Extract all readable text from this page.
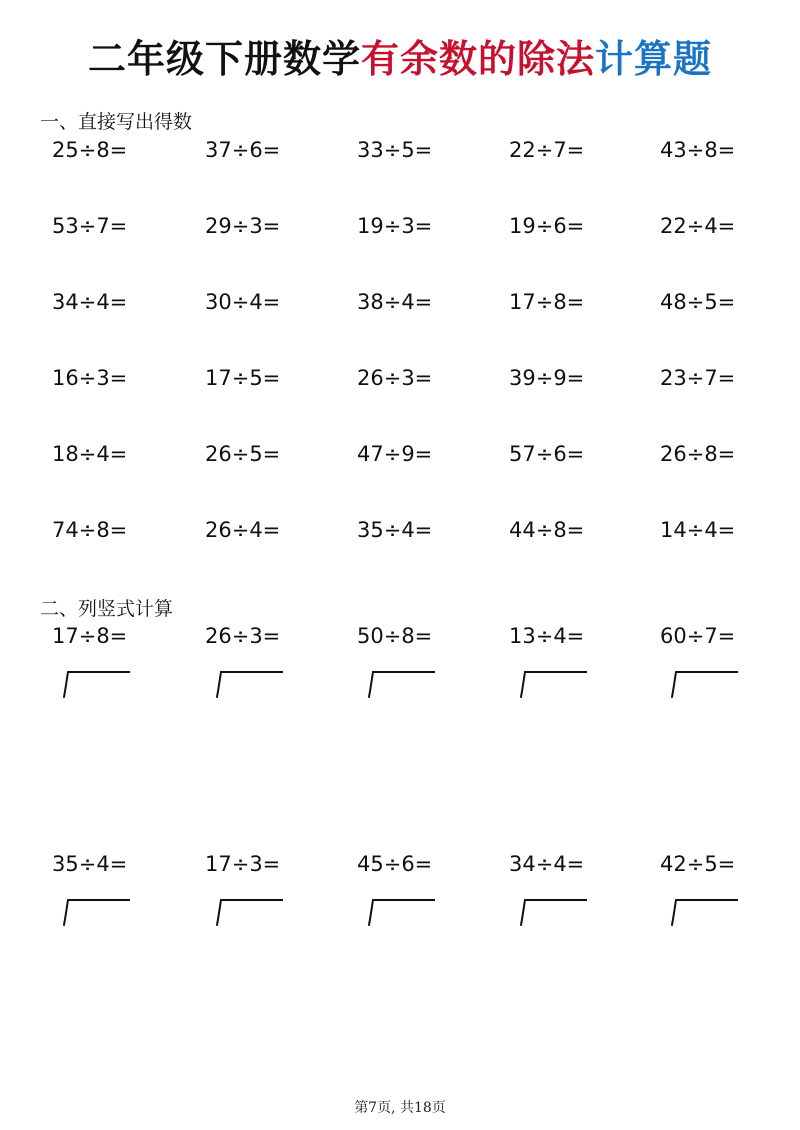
二年级下册数学有余数的除法计算题
一、直接写出得数
25÷8=	37÷6=	33÷5=	22÷7=	43÷8=
53÷7=	29÷3=	19÷3=	19÷6=	22÷4=
34÷4=	30÷4=	38÷4=	17÷8=	48÷5=
16÷3=	17÷5=	26÷3=	39÷9=	23÷7=
18÷4=	26÷5=	47÷9=	57÷6=	26÷8=
74÷8=	26÷4=	35÷4=	44÷8=	14÷4=
二、列竖式计算
17÷8=	26÷3=	50÷8=	13÷4=	60÷7=
35÷4=	17÷3=	45÷6=	34÷4=	42÷5=
第7页, 共18页
